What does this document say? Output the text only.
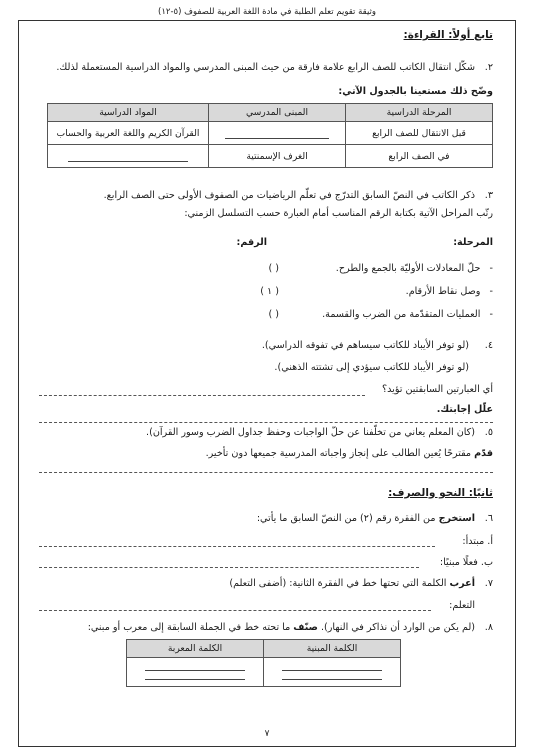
وثيقة تقويم تعلم الطلبة في مادة اللغة العربية للصفوف (٥-١٢)
تابع أولاً: القراءة:
٢.
شكّل انتقال الكاتب للصف الرابع علامة فارقة من حيث المبنى المدرسي والمواد الدراسية المستعملة لذلك.
وضّح ذلك مستعينا بالجدول الآتي:
المرحلة الدراسية	المبنى المدرسي	المواد الدراسية
قبل الانتقال للصف الرابع		القرآن الكريم واللغة العربية والحساب
في الصف الرابع	الغرف الإسمنتية	
٣.
ذكر الكاتب في النصّ السابق التدرّج في تعلّم الرياضيات من الصفوف الأولى حتى الصف الرابع.
رتّب المراحل الآتية بكتابة الرقم المناسب أمام العبارة حسب التسلسل الزمني:
المرحلة:
الرقم:
-   حلّ المعادلات الأوليّة بالجمع والطرح.
( )
-   وصل نقاط الأرقام.
( ١ )
-   العمليات المتقدّمة من الضرب والقسمة.
( )
٤.
(لو توفر الأيباد للكاتب سيساهم في تفوقه الدراسي).
(لو توفر الأيباد للكاتب سيؤدي إلى تشتته الذهني).
أي العبارتين السابقتين تؤيد؟
علّل إجابتك.
٥.
(كان المعلم يعاني من تخلّفنا عن حلّ الواجبات وحفظ جداول الضرب وسور القرآن).
قدّم مقترحًا يُعين الطالب على إنجاز واجباته المدرسية جميعها دون تأخير.
ثانيًا: النحو والصرف:
٦.
استخرج من الفقرة رقم (٢) من النصّ السابق ما يأتي:
أ. مبتدأ:
ب. فعلًا مبنيًا:
٧.
أعرب الكلمة التي تحتها خط في الفقرة الثانية: (أضفى التعلم)
التعلم:
٨.
(لم يكن من الوارد أن نذاكر في النهار). صنّف ما تحته خط في الجملة السابقة إلى معرب أو مبني:
الكلمة المبنية	الكلمة المعربة

٧
